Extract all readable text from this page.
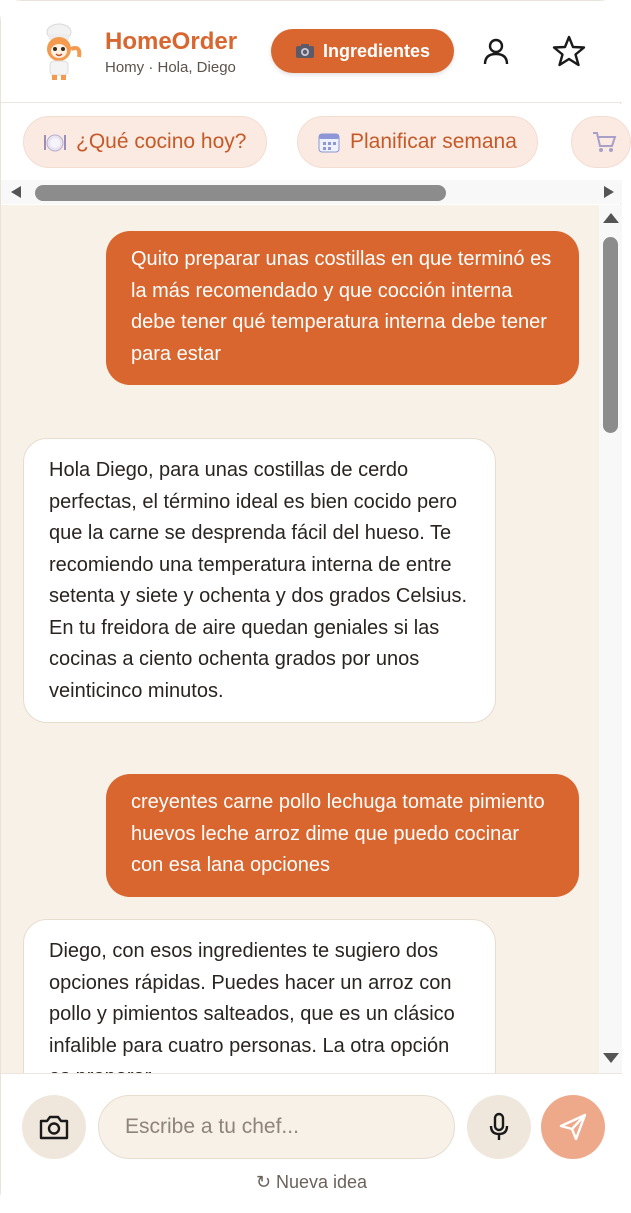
HomeOrder
Homy · Hola, Diego
Ingredientes
¿Qué cocino hoy?	Planificar semana
Quito preparar unas costillas en que terminó es la más recomendado y que cocción interna debe tener qué temperatura interna debe tener para estar
Hola Diego, para unas costillas de cerdo perfectas, el término ideal es bien cocido pero que la carne se desprenda fácil del hueso. Te recomiendo una temperatura interna de entre setenta y siete y ochenta y dos grados Celsius. En tu freidora de aire quedan geniales si las cocinas a ciento ochenta grados por unos veinticinco minutos.
creyentes carne pollo lechuga tomate pimiento huevos leche arroz dime que puedo cocinar con esa lana opciones
Diego, con esos ingredientes te sugiero dos opciones rápidas. Puedes hacer un arroz con pollo y pimientos salteados, que es un clásico infalible para cuatro personas. La otra opción
Escribe a tu chef...
↻ Nueva idea
